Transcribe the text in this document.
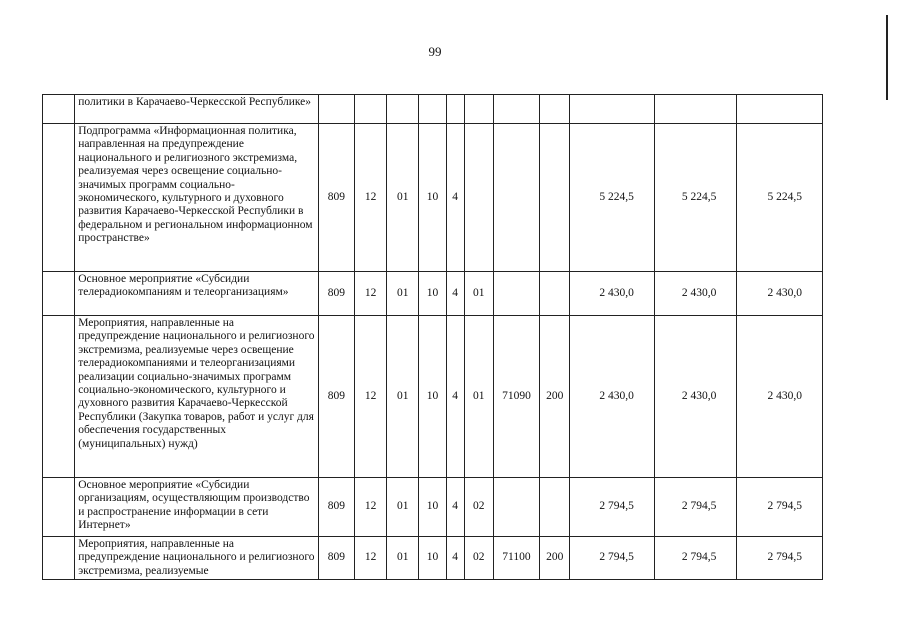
99
	политики в Карачаево-Черкесской Республике»											
	Подпрограмма «Информационная политика, направленная на предупреждение национального и религиозного экстремизма, реализуемая через освещение социально-значимых программ социально-экономического, культурного и духовного развития Карачаево-Черкесской Республики в федеральном и региональном информационном пространстве»	809	12	01	10	4				5 224,5	5 224,5	5 224,5
	Основное мероприятие «Субсидии телерадиокомпаниям и телеорганизациям»	809	12	01	10	4	01			2 430,0	2 430,0	2 430,0
	Мероприятия, направленные на предупреждение национального и религиозного экстремизма, реализуемые через освещение телерадиокомпаниями и телеорганизациями реализации социально-значимых программ социально-экономического, культурного и духовного развития Карачаево-Черкесской Республики (Закупка товаров, работ и услуг для обеспечения государственных (муниципальных) нужд)	809	12	01	10	4	01	71090	200	2 430,0	2 430,0	2 430,0
	Основное мероприятие «Субсидии организациям, осуществляющим производство и распространение информации в сети Интернет»	809	12	01	10	4	02			2 794,5	2 794,5	2 794,5
	Мероприятия, направленные на предупреждение национального и религиозного экстремизма, реализуемые	809	12	01	10	4	02	71100	200	2 794,5	2 794,5	2 794,5
